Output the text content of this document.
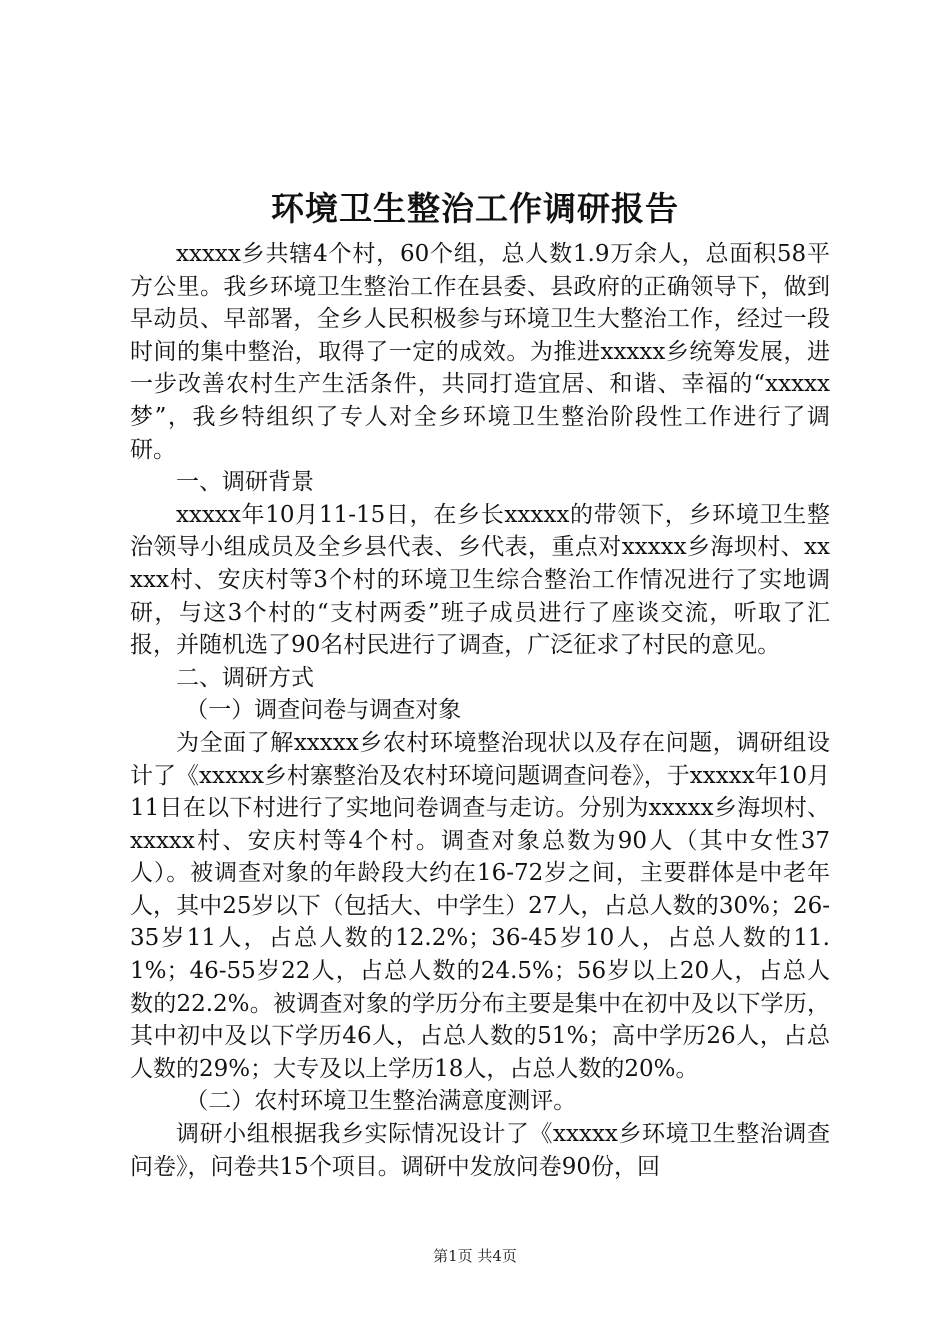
环境卫生整治工作调研报告

xxxxx乡共辖4个村，60个组，总人数1.9万余人，总面积58平方公里。我乡环境卫生整治工作在县委、县政府的正确领导下，做到早动员、早部署，全乡人民积极参与环境卫生大整治工作，经过一段时间的集中整治，取得了一定的成效。为推进xxxxx乡统筹发展，进一步改善农村生产生活条件，共同打造宜居、和谐、幸福的“xxxxx梦”，我乡特组织了专人对全乡环境卫生整治阶段性工作进行了调研。

一、调研背景

xxxxx年10月11-15日，在乡长xxxxx的带领下，乡环境卫生整治领导小组成员及全乡县代表、乡代表，重点对xxxxx乡海坝村、xxxxx村、安庆村等3个村的环境卫生综合整治工作情况进行了实地调研，与这3个村的“支村两委”班子成员进行了座谈交流，听取了汇报，并随机选了90名村民进行了调查，广泛征求了村民的意见。

二、调研方式

（一）调查问卷与调查对象

为全面了解xxxxx乡农村环境整治现状以及存在问题，调研组设计了《xxxxx乡村寨整治及农村环境问题调查问卷》，于xxxxx年10月11日在以下村进行了实地问卷调查与走访。分别为xxxxx乡海坝村、xxxxx村、安庆村等4个村。调查对象总数为90人（其中女性37人）。被调查对象的年龄段大约在16-72岁之间，主要群体是中老年人，其中25岁以下（包括大、中学生）27人，占总人数的30%；26-35岁11人，占总人数的12.2%；36-45岁10人，占总人数的11.1%；46-55岁22人，占总人数的24.5%；56岁以上20人，占总人数的22.2%。被调查对象的学历分布主要是集中在初中及以下学历，其中初中及以下学历46人，占总人数的51%；高中学历26人，占总人数的29%；大专及以上学历18人，占总人数的20%。

（二）农村环境卫生整治满意度测评。

调研小组根据我乡实际情况设计了《xxxxx乡环境卫生整治调查问卷》，问卷共15个项目。调研中发放问卷90份，回

第1页 共4页
